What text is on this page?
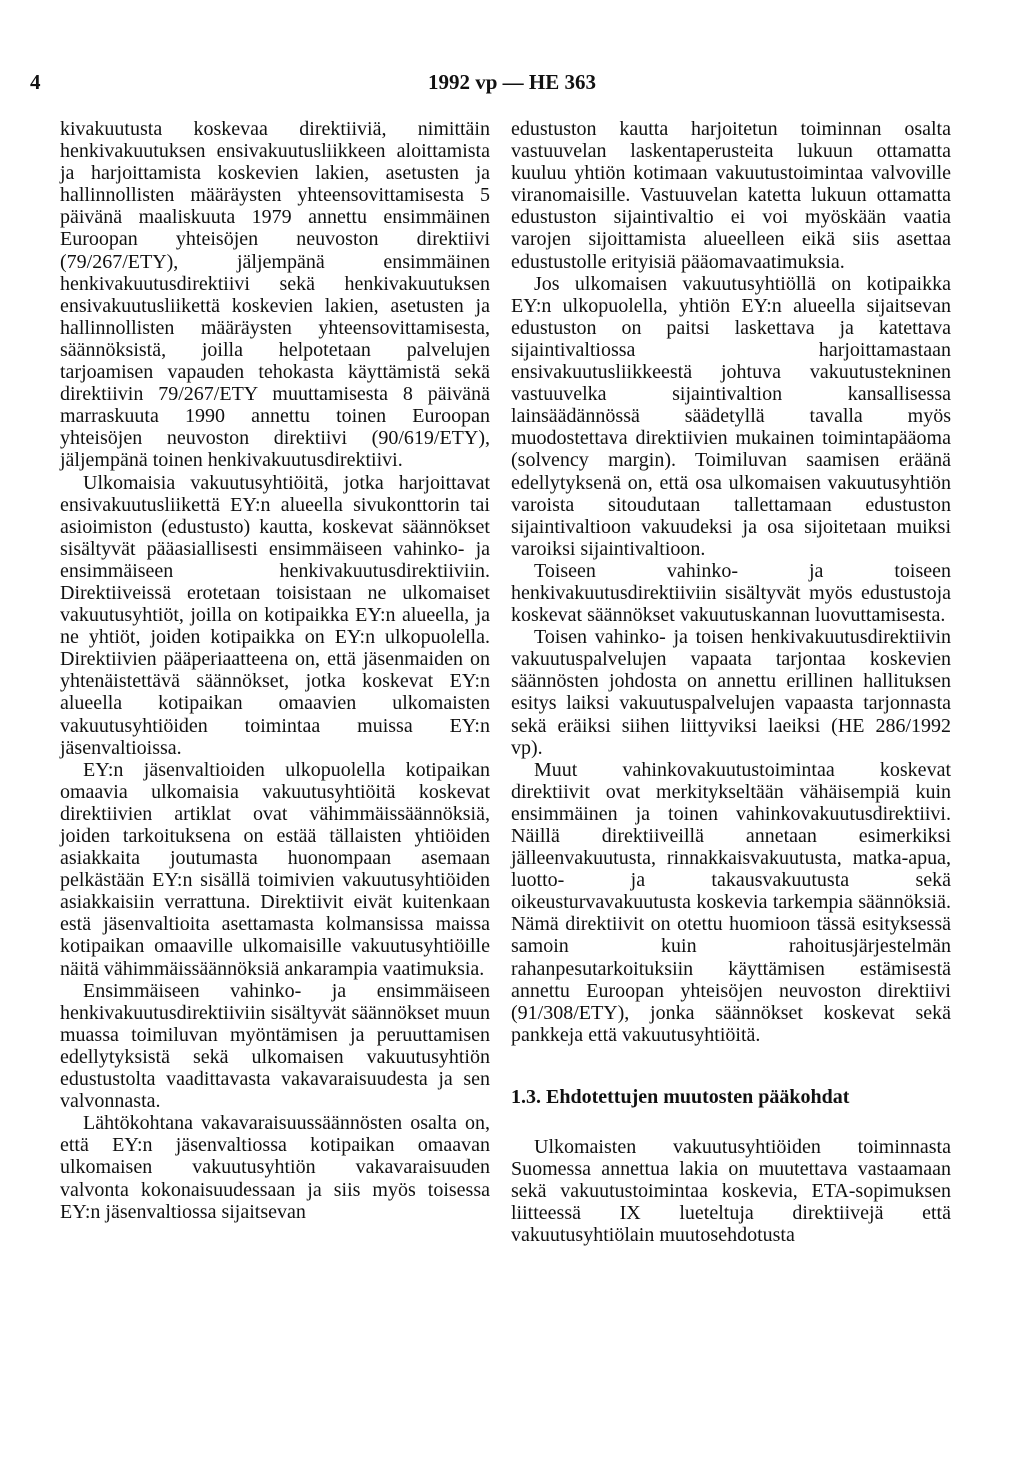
4	1992 vp — HE 363

kivakuutusta koskevaa direktiiviä, nimittäin henkivakuutuksen ensivakuutusliikkeen aloittamista ja harjoittamista koskevien lakien, asetusten ja hallinnollisten määräysten yhteensovittamisesta 5 päivänä maaliskuuta 1979 annettu ensimmäinen Euroopan yhteisöjen neuvoston direktiivi (79/267/ETY), jäljempänä ensimmäinen henkivakuutusdirektiivi sekä henkivakuutuksen ensivakuutusliikettä koskevien lakien, asetusten ja hallinnollisten määräysten yhteensovittamisesta, säännöksistä, joilla helpotetaan palvelujen tarjoamisen vapauden tehokasta käyttämistä sekä direktiivin 79/267/ETY muuttamisesta 8 päivänä marraskuuta 1990 annettu toinen Euroopan yhteisöjen neuvoston direktiivi (90/619/ETY), jäljempänä toinen henkivakuutusdirektiivi.

Ulkomaisia vakuutusyhtiöitä, jotka harjoittavat ensivakuutusliikettä EY:n alueella sivukonttorin tai asioimiston (edustusto) kautta, koskevat säännökset sisältyvät pääasiallisesti ensimmäiseen vahinko- ja ensimmäiseen henkivakuutusdirektiiviin. Direktiiveissä erotetaan toisistaan ne ulkomaiset vakuutusyhtiöt, joilla on kotipaikka EY:n alueella, ja ne yhtiöt, joiden kotipaikka on EY:n ulkopuolella. Direktiivien pääperiaatteena on, että jäsenmaiden on yhtenäistettävä säännökset, jotka koskevat EY:n alueella kotipaikan omaavien ulkomaisten vakuutusyhtiöiden toimintaa muissa EY:n jäsenvaltioissa.

EY:n jäsenvaltioiden ulkopuolella kotipaikan omaavia ulkomaisia vakuutusyhtiöitä koskevat direktiivien artiklat ovat vähimmäissäännöksiä, joiden tarkoituksena on estää tällaisten yhtiöiden asiakkaita joutumasta huonompaan asemaan pelkästään EY:n sisällä toimivien vakuutusyhtiöiden asiakkaisiin verrattuna. Direktiivit eivät kuitenkaan estä jäsenvaltioita asettamasta kolmansissa maissa kotipaikan omaaville ulkomaisille vakuutusyhtiöille näitä vähimmäissäännöksiä ankarampia vaatimuksia.

Ensimmäiseen vahinko- ja ensimmäiseen henkivakuutusdirektiiviin sisältyvät säännökset muun muassa toimiluvan myöntämisen ja peruuttamisen edellytyksistä sekä ulkomaisen vakuutusyhtiön edustustolta vaadittavasta vakavaraisuudesta ja sen valvonnasta.

Lähtökohtana vakavaraisuussäännösten osalta on, että EY:n jäsenvaltiossa kotipaikan omaavan ulkomaisen vakuutusyhtiön vakavaraisuuden valvonta kokonaisuudessaan ja siis myös toisessa EY:n jäsenvaltiossa sijaitsevan

edustuston kautta harjoitetun toiminnan osalta vastuuvelan laskentaperusteita lukuun ottamatta kuuluu yhtiön kotimaan vakuutustoimintaa valvoville viranomaisille. Vastuuvelan katetta lukuun ottamatta edustuston sijaintivaltio ei voi myöskään vaatia varojen sijoittamista alueelleen eikä siis asettaa edustustolle erityisiä pääomavaatimuksia.

Jos ulkomaisen vakuutusyhtiöllä on kotipaikka EY:n ulkopuolella, yhtiön EY:n alueella sijaitsevan edustuston on paitsi laskettava ja katettava sijaintivaltiossa harjoittamastaan ensivakuutusliikkeestä johtuva vakuutustekninen vastuuvelka sijaintivaltion kansallisessa lainsäädännössä säädetyllä tavalla myös muodostettava direktiivien mukainen toimintapääoma (solvency margin). Toimiluvan saamisen eräänä edellytyksenä on, että osa ulkomaisen vakuutusyhtiön varoista sitoudutaan tallettamaan edustuston sijaintivaltioon vakuudeksi ja osa sijoitetaan muiksi varoiksi sijaintivaltioon.

Toiseen vahinko- ja toiseen henkivakuutusdirektiiviin sisältyvät myös edustustoja koskevat säännökset vakuutuskannan luovuttamisesta.

Toisen vahinko- ja toisen henkivakuutusdirektiivin vakuutuspalvelujen vapaata tarjontaa koskevien säännösten johdosta on annettu erillinen hallituksen esitys laiksi vakuutuspalvelujen vapaasta tarjonnasta sekä eräiksi siihen liittyviksi laeiksi (HE 286/1992 vp).

Muut vahinkovakuutustoimintaa koskevat direktiivit ovat merkitykseltään vähäisempiä kuin ensimmäinen ja toinen vahinkovakuutusdirektiivi. Näillä direktiiveillä annetaan esimerkiksi jälleenvakuutusta, rinnakkaisvakuutusta, matka-apua, luotto- ja takausvakuutusta sekä oikeusturvavakuutusta koskevia tarkempia säännöksiä. Nämä direktiivit on otettu huomioon tässä esityksessä samoin kuin rahoitusjärjestelmän rahanpesutarkoituksiin käyttämisen estämisestä annettu Euroopan yhteisöjen neuvoston direktiivi (91/308/ETY), jonka säännökset koskevat sekä pankkeja että vakuutusyhtiöitä.

1.3. Ehdotettujen muutosten pääkohdat

Ulkomaisten vakuutusyhtiöiden toiminnasta Suomessa annettua lakia on muutettava vastaamaan sekä vakuutustoimintaa koskevia, ETA-sopimuksen liitteessä IX lueteltuja direktiivejä että vakuutusyhtiölain muutosehdotusta
